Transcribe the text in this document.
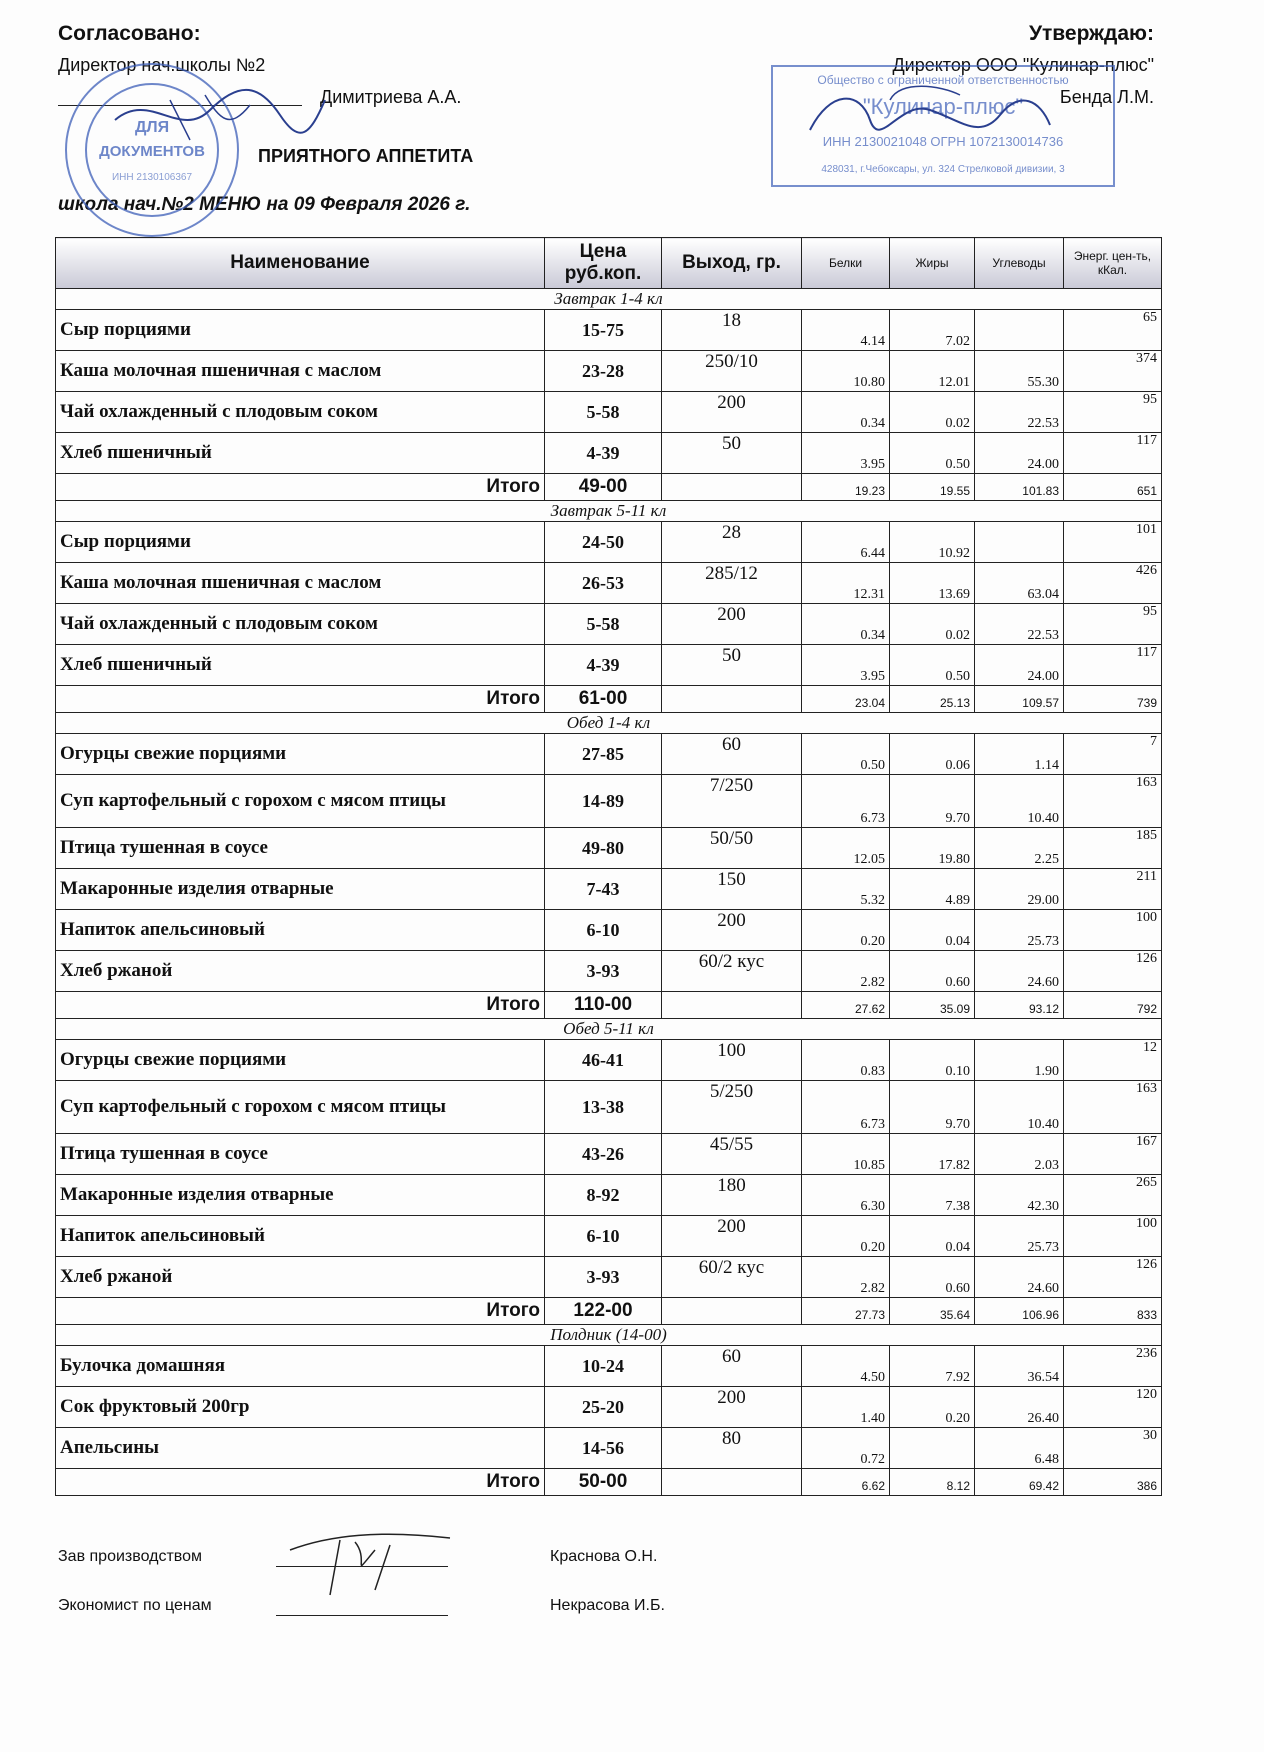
Согласовано:
Директор нач.школы №2
Димитриева А.А.
Утверждаю:
Директор ООО "Кулинар-плюс"
Бенда Л.М.
ПРИЯТНОГО АППЕТИТА
школа нач.№2 МЕНЮ на 09 Февраля 2026 г.
ДЛЯ
ДОКУМЕНТОВ
ИНН 2130106367
Общество с ограниченной ответственностью
"Кулинар-плюс"
ИНН 2130021048 ОГРН 1072130014736
428031, г.Чебоксары, ул. 324 Стрелковой дивизии, 3
Наименование	Цена руб.коп.	Выход, гр.	Белки	Жиры	Углеводы	Энерг. цен-ть, кКал.
Завтрак 1-4 кл						
Сыр порциями	15-75	18	4.14	7.02		65
Каша молочная пшеничная с маслом	23-28	250/10	10.80	12.01	55.30	374
Чай охлажденный с плодовым соком	5-58	200	0.34	0.02	22.53	95
Хлеб пшеничный	4-39	50	3.95	0.50	24.00	117
Итого	49-00		19.23	19.55	101.83	651
Завтрак 5-11 кл						
Сыр порциями	24-50	28	6.44	10.92		101
Каша молочная пшеничная с маслом	26-53	285/12	12.31	13.69	63.04	426
Чай охлажденный с плодовым соком	5-58	200	0.34	0.02	22.53	95
Хлеб пшеничный	4-39	50	3.95	0.50	24.00	117
Итого	61-00		23.04	25.13	109.57	739
Обед 1-4 кл						
Огурцы свежие порциями	27-85	60	0.50	0.06	1.14	7
Суп картофельный с горохом с мясом птицы	14-89	7/250	6.73	9.70	10.40	163
Птица тушенная в соусе	49-80	50/50	12.05	19.80	2.25	185
Макаронные изделия отварные	7-43	150	5.32	4.89	29.00	211
Напиток апельсиновый	6-10	200	0.20	0.04	25.73	100
Хлеб ржаной	3-93	60/2 кус	2.82	0.60	24.60	126
Итого	110-00		27.62	35.09	93.12	792
Обед 5-11 кл						
Огурцы свежие порциями	46-41	100	0.83	0.10	1.90	12
Суп картофельный с горохом с мясом птицы	13-38	5/250	6.73	9.70	10.40	163
Птица тушенная в соусе	43-26	45/55	10.85	17.82	2.03	167
Макаронные изделия отварные	8-92	180	6.30	7.38	42.30	265
Напиток апельсиновый	6-10	200	0.20	0.04	25.73	100
Хлеб ржаной	3-93	60/2 кус	2.82	0.60	24.60	126
Итого	122-00		27.73	35.64	106.96	833
Полдник (14-00)						
Булочка домашняя	10-24	60	4.50	7.92	36.54	236
Сок фруктовый 200гр	25-20	200	1.40	0.20	26.40	120
Апельсины	14-56	80	0.72		6.48	30
Итого	50-00		6.62	8.12	69.42	386
Зав производством	Краснова О.Н.
Экономист по ценам	Некрасова И.Б.
